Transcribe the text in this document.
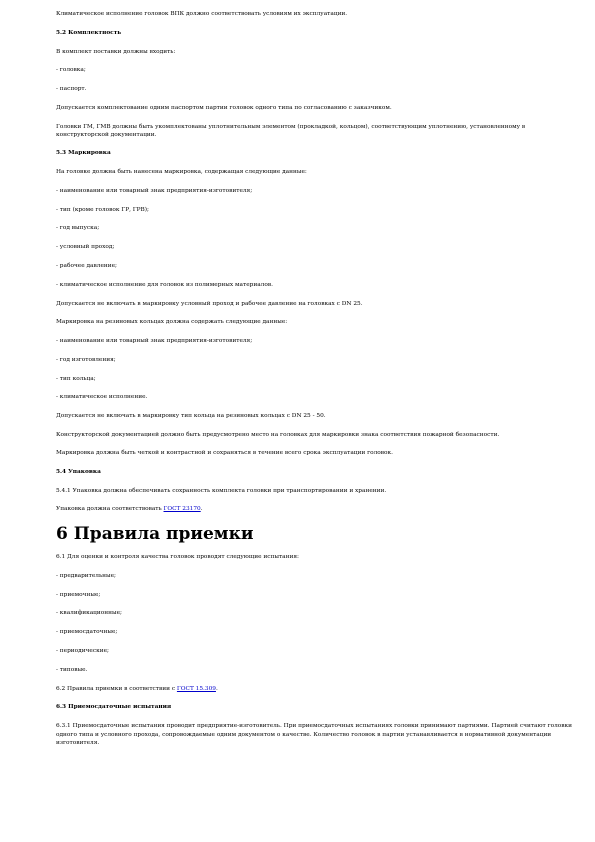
Климатическое исполнение головок ВПК должно соответствовать условиям их эксплуатации.

5.2 Комплектность

В комплект поставки должны входить:

- головка;

- паспорт.

Допускается комплектование одним паспортом партии головок одного типа по согласованию с заказчиком.

Головки ГМ, ГМВ должны быть укомплектованы уплотнительным элементом (прокладкой, кольцом), соответствующим уплотнению, установленному в конструкторской документации.

5.3 Маркировка

На головке должна быть нанесена маркировка, содержащая следующие данные:

- наименование или товарный знак предприятия-изготовителя;

- тип (кроме головок ГР, ГРВ);

- год выпуска;

- условный проход;

- рабочее давление;

- климатическое исполнение для головок из полимерных материалов.

Допускается не включать в маркировку условный проход и рабочее давление на головках с DN 25.

Маркировка на резиновых кольцах должна содержать следующие данные:

- наименование или товарный знак предприятия-изготовителя;

- год изготовления;

- тип кольца;

- климатическое исполнение.

Допускается не включать в маркировку тип кольца на резиновых кольцах с DN 25 - 50.

Конструкторской документацией должно быть предусмотрено место на головках для маркировки знака соответствия пожарной безопасности.

Маркировка должна быть четкой и контрастной и сохраняться в течение всего срока эксплуатации головок.

5.4 Упаковка

5.4.1 Упаковка должна обеспечивать сохранность комплекта головки при транспортировании и хранении.

Упаковка должна соответствовать ГОСТ 23170.

6 Правила приемки

6.1 Для оценки и контроля качества головок проводят следующие испытания:

- предварительные;

- приемочные;

- квалификационные;

- приемосдаточные;

- периодические;

- типовые.

6.2 Правила приемки в соответствии с ГОСТ 15.309.

6.3 Приемосдаточные испытания

6.3.1 Приемосдаточные испытания проводит предприятие-изготовитель. При приемосдаточных испытаниях головки принимают партиями. Партией считают головки одного типа и условного прохода, сопровождаемые одним документом о качестве. Количество головок в партии устанавливается в нормативной документации изготовителя.
